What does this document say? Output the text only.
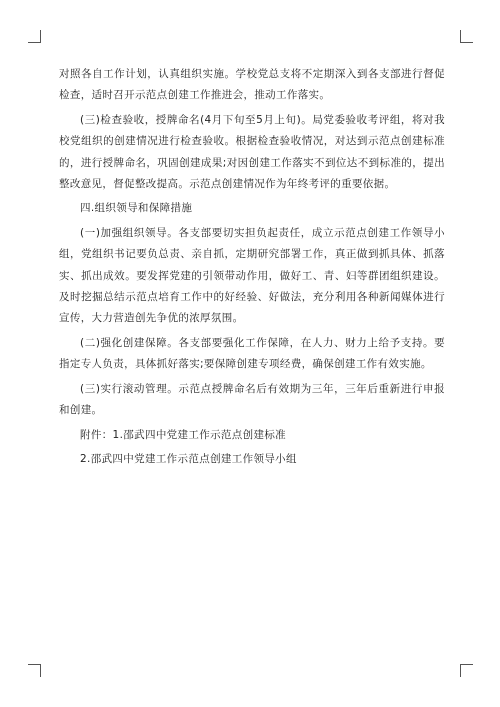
对照各自工作计划，认真组织实施。学校党总支将不定期深入到各支部进行督促检查，适时召开示范点创建工作推进会，推动工作落实。

(三)检查验收，授牌命名(4月下旬至5月上旬)。局党委验收考评组，将对我校党组织的创建情况进行检查验收。根据检查验收情况，对达到示范点创建标准的，进行授牌命名，巩固创建成果;对因创建工作落实不到位达不到标准的，提出整改意见，督促整改提高。示范点创建情况作为年终考评的重要依据。

四.组织领导和保障措施

(一)加强组织领导。各支部要切实担负起责任，成立示范点创建工作领导小组，党组织书记要负总责、亲自抓，定期研究部署工作，真正做到抓具体、抓落实、抓出成效。要发挥党建的引领带动作用，做好工、青、妇等群团组织建设。及时挖掘总结示范点培育工作中的好经验、好做法，充分利用各种新闻媒体进行宣传，大力营造创先争优的浓厚氛围。

(二)强化创建保障。各支部要强化工作保障，在人力、财力上给予支持。要指定专人负责，具体抓好落实;要保障创建专项经费，确保创建工作有效实施。

(三)实行滚动管理。示范点授牌命名后有效期为三年，三年后重新进行申报和创建。

附件：1.邵武四中党建工作示范点创建标准

2.邵武四中党建工作示范点创建工作领导小组
